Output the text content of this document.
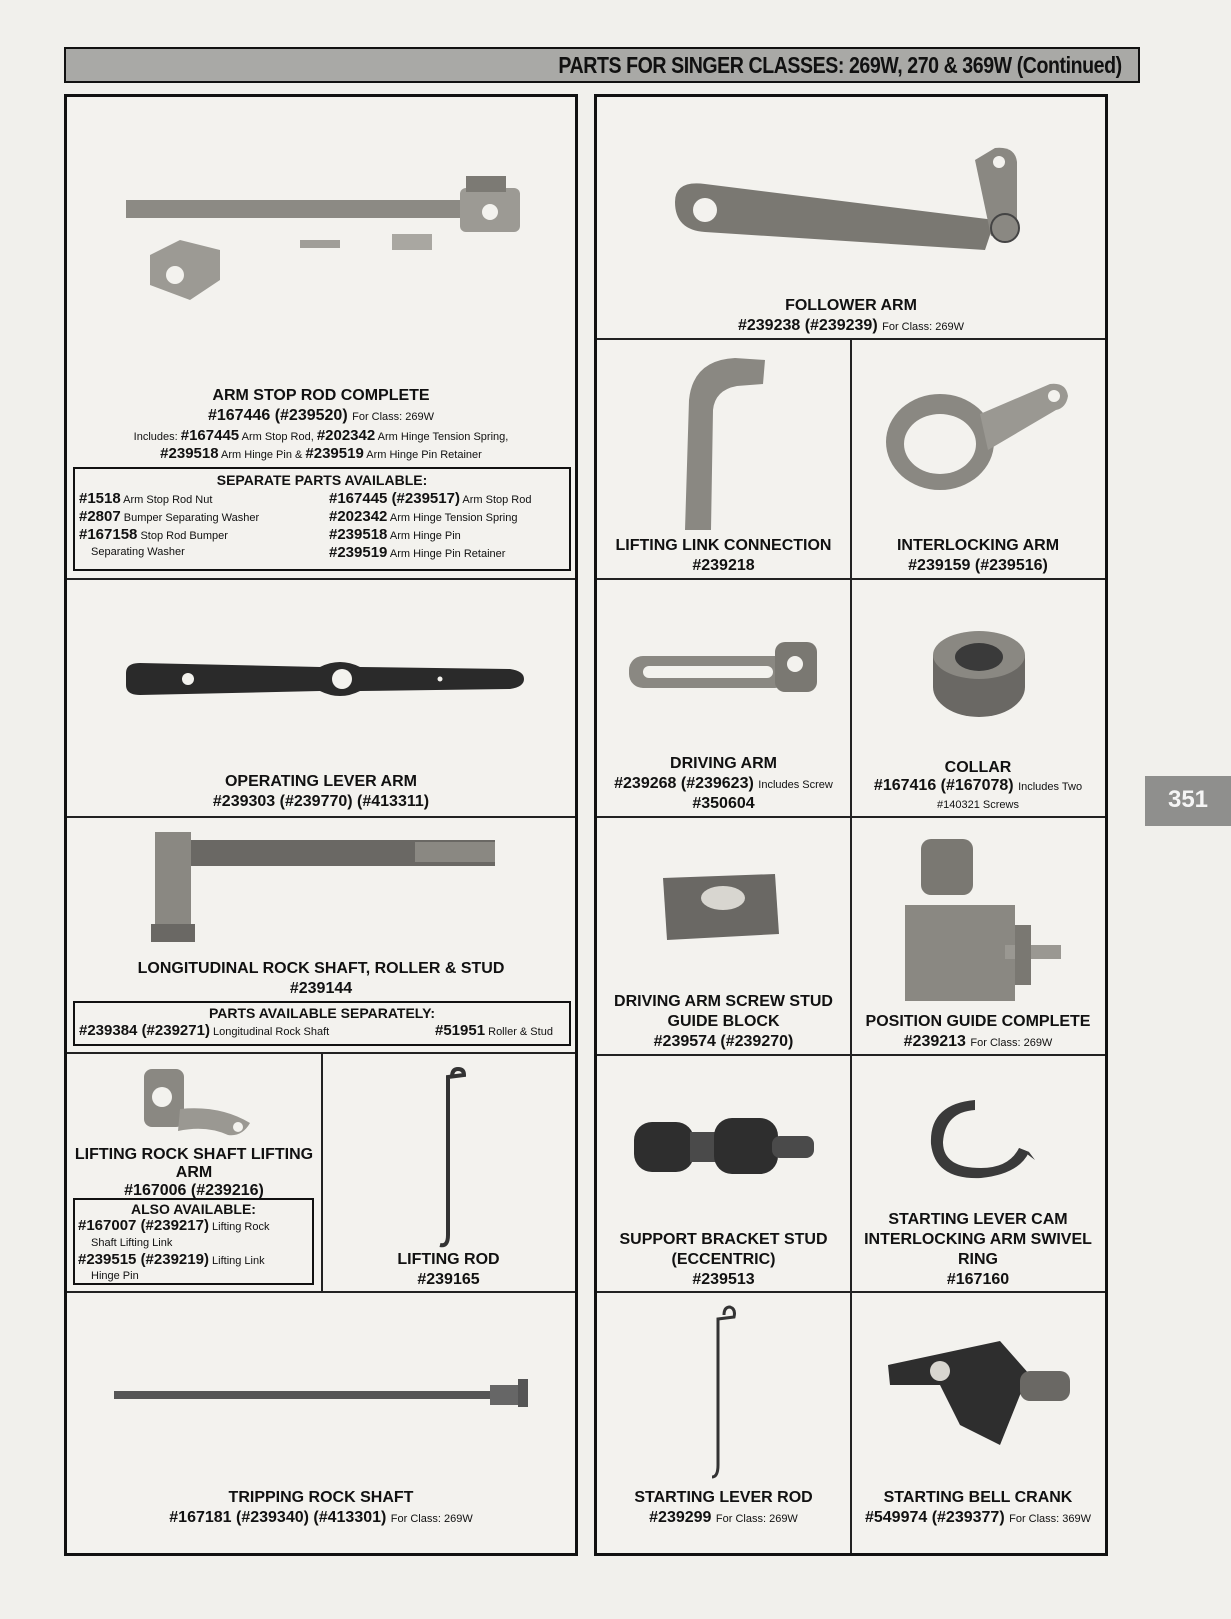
PARTS FOR SINGER CLASSES: 269W, 270 & 369W (Continued)
351
ARM STOP ROD COMPLETE
#167446 (#239520) For Class: 269W
Includes: #167445 Arm Stop Rod, #202342 Arm Hinge Tension Spring,
#239518 Arm Hinge Pin & #239519 Arm Hinge Pin Retainer
SEPARATE PARTS AVAILABLE:
#1518 Arm Stop Rod Nut
#2807 Bumper Separating Washer
#167158 Stop Rod Bumper
Separating Washer
#167445 (#239517) Arm Stop Rod
#202342 Arm Hinge Tension Spring
#239518 Arm Hinge Pin
#239519 Arm Hinge Pin Retainer
OPERATING LEVER ARM
#239303 (#239770) (#413311)
LONGITUDINAL ROCK SHAFT, ROLLER & STUD
#239144
PARTS AVAILABLE SEPARATELY:
#239384 (#239271) Longitudinal Rock Shaft	#51951 Roller & Stud
LIFTING ROCK SHAFT LIFTING
ARM
#167006 (#239216)
ALSO AVAILABLE:
#167007 (#239217) Lifting Rock
Shaft Lifting Link
#239515 (#239219) Lifting Link
Hinge Pin
LIFTING ROD
#239165
TRIPPING ROCK SHAFT
#167181 (#239340) (#413301) For Class: 269W
FOLLOWER ARM
#239238 (#239239) For Class: 269W
LIFTING LINK CONNECTION
#239218
INTERLOCKING ARM
#239159 (#239516)
DRIVING ARM
#239268 (#239623) Includes Screw
#350604
COLLAR
#167416 (#167078) Includes Two
#140321 Screws
DRIVING ARM SCREW STUD
GUIDE BLOCK
#239574 (#239270)
POSITION GUIDE COMPLETE
#239213 For Class: 269W
SUPPORT BRACKET STUD
(ECCENTRIC)
#239513
STARTING LEVER CAM
INTERLOCKING ARM SWIVEL
RING
#167160
STARTING LEVER ROD
#239299 For Class: 269W
STARTING BELL CRANK
#549974 (#239377) For Class: 369W
